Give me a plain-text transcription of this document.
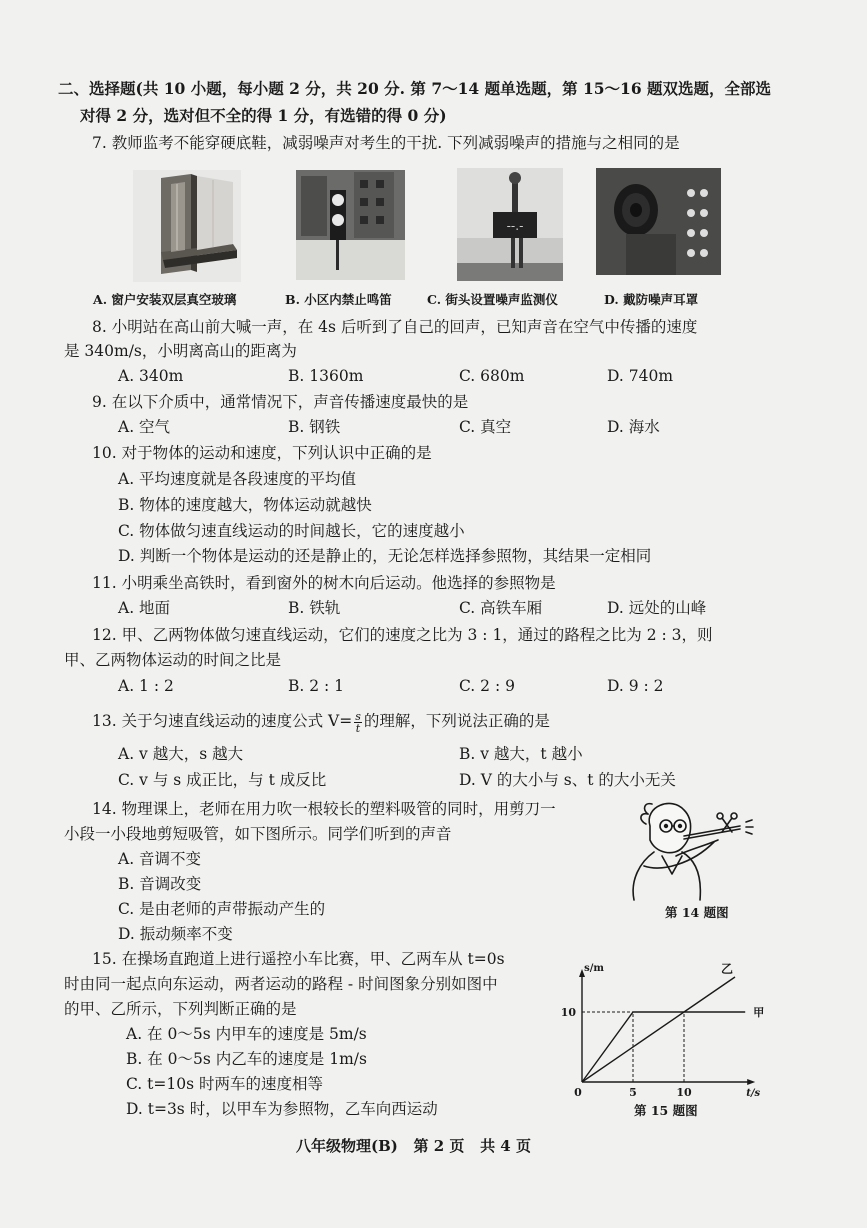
二、选择题(共 10 小题，每小题 2 分，共 20 分. 第 7～14 题单选题，第 15～16 题双选题，全部选
对得 2 分，选对但不全的得 1 分，有选错的得 0 分)
7. 教师监考不能穿硬底鞋，减弱噪声对考生的干扰. 下列减弱噪声的措施与之相同的是
--.-
A. 窗户安装双层真空玻璃	B. 小区内禁止鸣笛	C. 街头设置噪声监测仪	D. 戴防噪声耳罩
8. 小明站在高山前大喊一声，在 4s 后听到了自己的回声，已知声音在空气中传播的速度
是 340m/s，小明离高山的距离为
A. 340m	B. 1360m	C. 680m	D. 740m
9. 在以下介质中，通常情况下，声音传播速度最快的是
A. 空气	B. 钢铁	C. 真空	D. 海水
10. 对于物体的运动和速度，下列认识中正确的是
A. 平均速度就是各段速度的平均值
B. 物体的速度越大，物体运动就越快
C. 物体做匀速直线运动的时间越长，它的速度越小
D. 判断一个物体是运动的还是静止的，无论怎样选择参照物，其结果一定相同
11. 小明乘坐高铁时，看到窗外的树木向后运动。他选择的参照物是
A. 地面	B. 铁轨	C. 高铁车厢	D. 远处的山峰
12. 甲、乙两物体做匀速直线运动，它们的速度之比为 3 : 1，通过的路程之比为 2 : 3，则
甲、乙两物体运动的时间之比是
A. 1 : 2	B. 2 : 1	C. 2 : 9	D. 9 : 2
13. 关于匀速直线运动的速度公式 $V= \frac{s}{t}$ 的理解，下列说法正确的是
A. v 越大，s 越大	B. v 越大，t 越小
C. v 与 s 成正比，与 t 成反比	D. V 的大小与 s、t 的大小无关
14. 物理课上，老师在用力吹一根较长的塑料吸管的同时，用剪刀一
小段一小段地剪短吸管，如下图所示。同学们听到的声音
A. 音调不变
B. 音调改变
C. 是由老师的声带振动产生的
D. 振动频率不变
第 14 题图
15. 在操场直跑道上进行遥控小车比赛，甲、乙两车从 t=0s
时由同一起点向东运动，两者运动的路程 - 时间图象分别如图中
的甲、乙所示，下列判断正确的是
A. 在 0～5s 内甲车的速度是 5m/s
B. 在 0～5s 内乙车的速度是 1m/s
C. t=10s 时两车的速度相等
D. t=3s 时，以甲车为参照物，乙车向西运动
t/s
s/m
0	5	10
10	甲
乙
第 15 题图
八年级物理(B)   第 2 页   共 4 页
